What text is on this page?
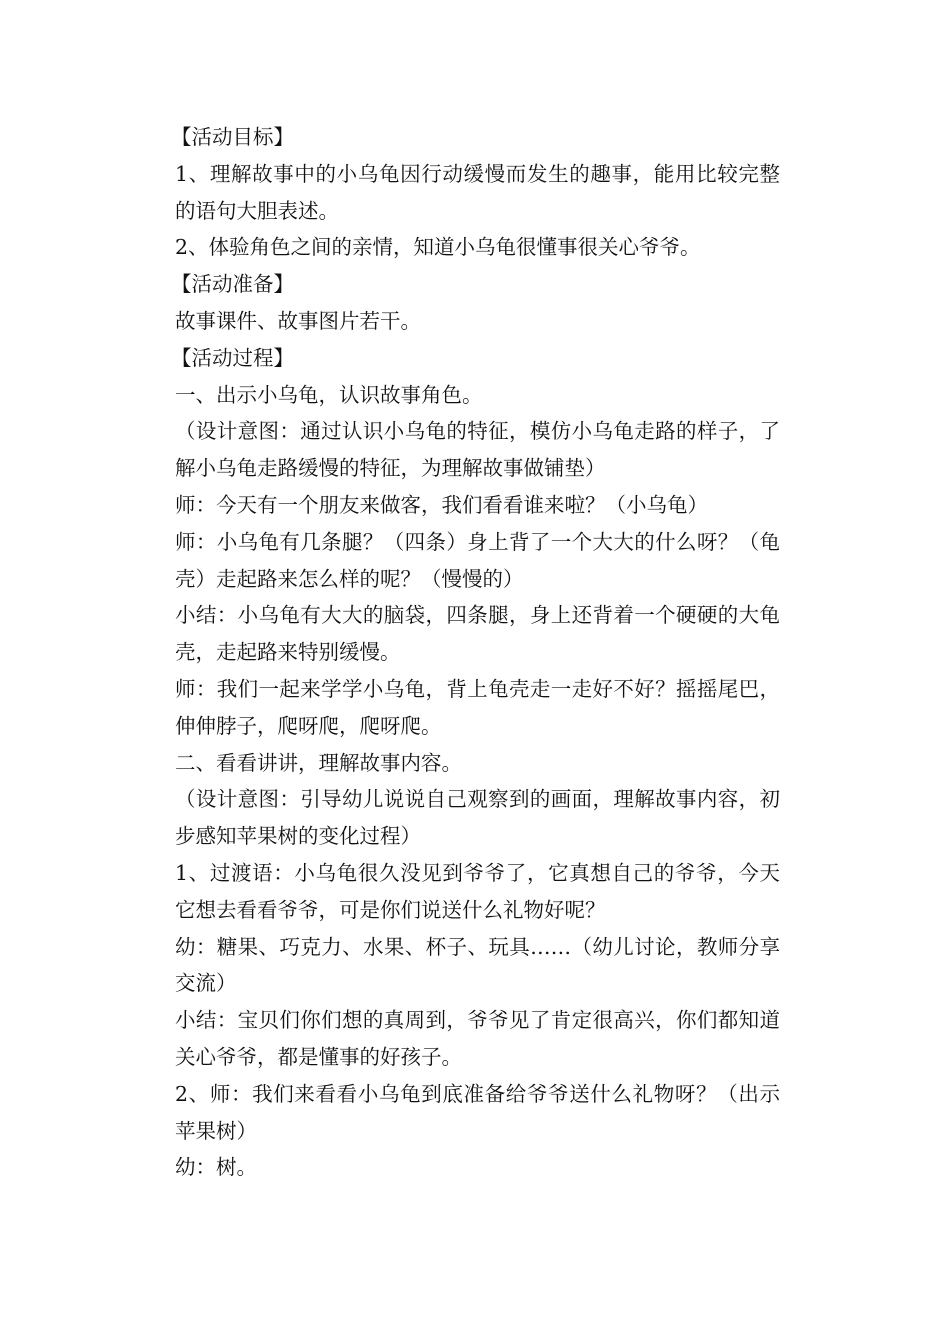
【活动目标】

1、理解故事中的小乌龟因行动缓慢而发生的趣事，能用比较完整的语句大胆表述。

2、体验角色之间的亲情，知道小乌龟很懂事很关心爷爷。

【活动准备】

故事课件、故事图片若干。

【活动过程】

一、出示小乌龟，认识故事角色。

（设计意图：通过认识小乌龟的特征，模仿小乌龟走路的样子，了解小乌龟走路缓慢的特征，为理解故事做铺垫）

师：今天有一个朋友来做客，我们看看谁来啦？（小乌龟）

师：小乌龟有几条腿？（四条）身上背了一个大大的什么呀？（龟壳）走起路来怎么样的呢？（慢慢的）

小结：小乌龟有大大的脑袋，四条腿，身上还背着一个硬硬的大龟壳，走起路来特别缓慢。

师：我们一起来学学小乌龟，背上龟壳走一走好不好？摇摇尾巴，伸伸脖子，爬呀爬，爬呀爬。

二、看看讲讲，理解故事内容。

（设计意图：引导幼儿说说自己观察到的画面，理解故事内容，初步感知苹果树的变化过程）

1、过渡语：小乌龟很久没见到爷爷了，它真想自己的爷爷，今天它想去看看爷爷，可是你们说送什么礼物好呢？

幼：糖果、巧克力、水果、杯子、玩具……（幼儿讨论，教师分享交流）

小结：宝贝们你们想的真周到，爷爷见了肯定很高兴，你们都知道关心爷爷，都是懂事的好孩子。

2、师：我们来看看小乌龟到底准备给爷爷送什么礼物呀？（出示苹果树）

幼：树。
